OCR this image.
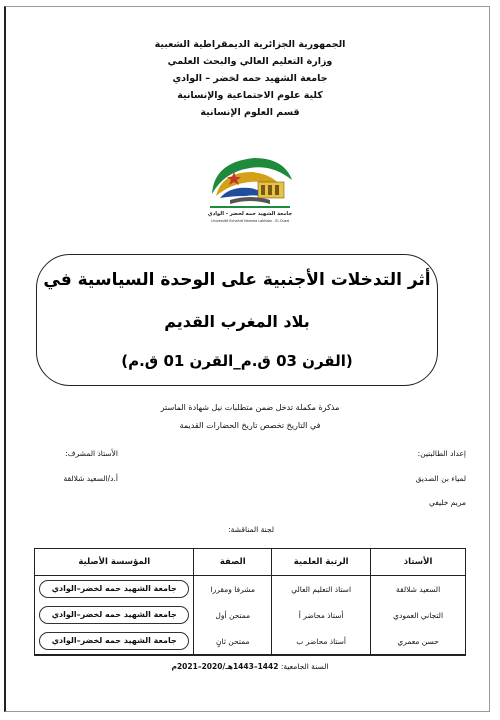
الجمهورية الجزائرية الديمقراطية الشعبية
وزارة التعليم العالي والبحث العلمي
جامعة الشهيد حمه لخضر – الوادي
كلية علوم الاجتماعية والإنسانية
قسم العلوم الإنسانية
جامعة الشهيد حمه لخضر - الوادي
Université Echahid Hamma Lakhdar - El-Oued
أثر التدخلات الأجنبية على الوحدة السياسية في
بلاد المغرب القديم
(القرن 03 ق.م_القرن 01 ق.م)
مذكرة مكملة تدخل ضمن متطلبات نيل شهادة الماستر
في التاريخ تخصص تاريخ الحضارات القديمة
إعداد الطالبتين:
لمياء بن الصديق
مريم خليفي
الأستاذ المشرف:
أ.د/السعيد شلالقة
لجنة المناقشة:
الأستاذ	الرتبة العلمية	الصفة	المؤسسة الأصلية
السعيد شلالقة	استاذ التعليم العالي	مشرفا ومقررا	جامعة الشهيد حمه لخضر–الوادي

التجاني العمودي	أستاذ محاضر أ	ممتحن أول	جامعة الشهيد حمه لخضر–الوادي

حسن معمري	أستاذ محاضر ب	ممتحن ثانٍ	جامعة الشهيد حمه لخضر–الوادي
السنة الجامعية: 1442–1443هـ/2020–2021م
